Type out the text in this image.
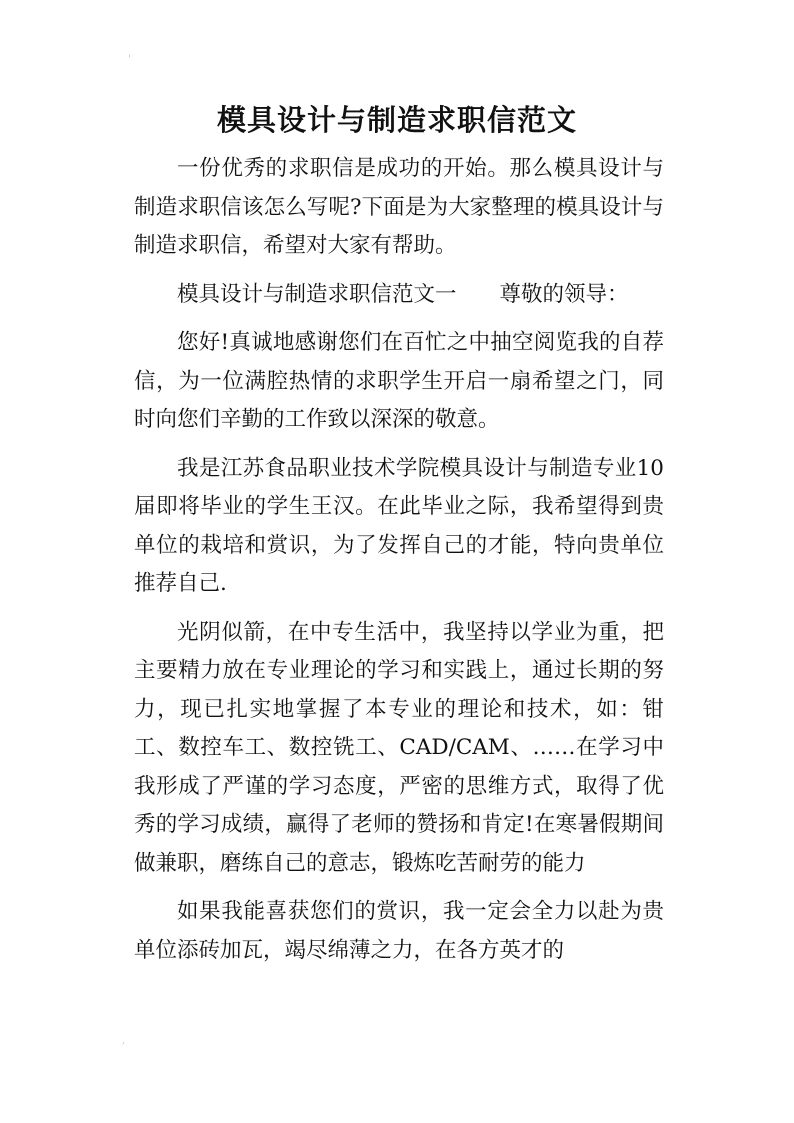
'
模具设计与制造求职信范文

一份优秀的求职信是成功的开始。那么模具设计与制造求职信该怎么写呢?下面是为大家整理的模具设计与制造求职信，希望对大家有帮助。

模具设计与制造求职信范文一　　尊敬的领导：

您好!真诚地感谢您们在百忙之中抽空阅览我的自荐信，为一位满腔热情的求职学生开启一扇希望之门，同时向您们辛勤的工作致以深深的敬意。

我是江苏食品职业技术学院模具设计与制造专业10届即将毕业的学生王汉。在此毕业之际，我希望得到贵单位的栽培和赏识，为了发挥自己的才能，特向贵单位推荐自己.

光阴似箭，在中专生活中，我坚持以学业为重，把主要精力放在专业理论的学习和实践上，通过长期的努力，现已扎实地掌握了本专业的理论和技术，如：钳工、数控车工、数控铣工、CAD/CAM、……在学习中我形成了严谨的学习态度，严密的思维方式，取得了优秀的学习成绩，赢得了老师的赞扬和肯定!在寒暑假期间做兼职，磨练自己的意志，锻炼吃苦耐劳的能力

如果我能喜获您们的赏识，我一定会全力以赴为贵单位添砖加瓦，竭尽绵薄之力，在各方英才的

,
